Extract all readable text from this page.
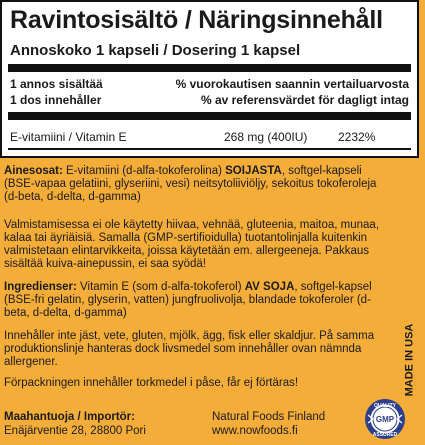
Ravintosisältö / Näringsinnehåll
Annoskoko 1 kapseli / Dosering 1 kapsel
1 annos sisältää
1 dos innehåller
% vuorokautisen saannin vertailuarvosta
% av referensvärdet för dagligt intag
E-vitamiini / Vitamin E	268 mg (400IU)	2232%
Ainesosat: E-vitamiini (d-alfa-tokoferolina) SOIJASTA, softgel-kapseli (BSE-vapaa gelatiini, glyseriini, vesi) neitsytoliiviöljy, sekoitus tokoferoleja (d-beta, d-delta, d-gamma)
Valmistamisessa ei ole käytetty hiivaa, vehnää, gluteenia, maitoa, munaa, kalaa tai äyriäisiä. Samalla (GMP-sertifioidulla) tuotantolinjalla kuitenkin valmistetaan elintarvikkeita, joissa käytetään em. allergeeneja. Pakkaus sisältää kuiva-ainepussin, ei saa syödä!
Ingredienser: Vitamin E (som d-alfa-tokoferol) AV SOJA, softgel-kapsel (BSE-fri gelatin, glyserin, vatten) jungfruolivolja, blandade tokoferoler (d-beta, d-delta, d-gamma)
Innehåller inte jäst, vete, gluten, mjölk, ägg, fisk eller skaldjur. På samma produktionslinje hanteras dock livsmedel som innehåller ovan nämnda allergener.
Förpackningen innehåller torkmedel i påse, får ej förtäras!
Maahantuoja / Importör:
Enäjärventie 28, 28800 Pori
Natural Foods Finland
www.nowfoods.fi
MADE IN USA
QUALITY
GMP
ASSURED
